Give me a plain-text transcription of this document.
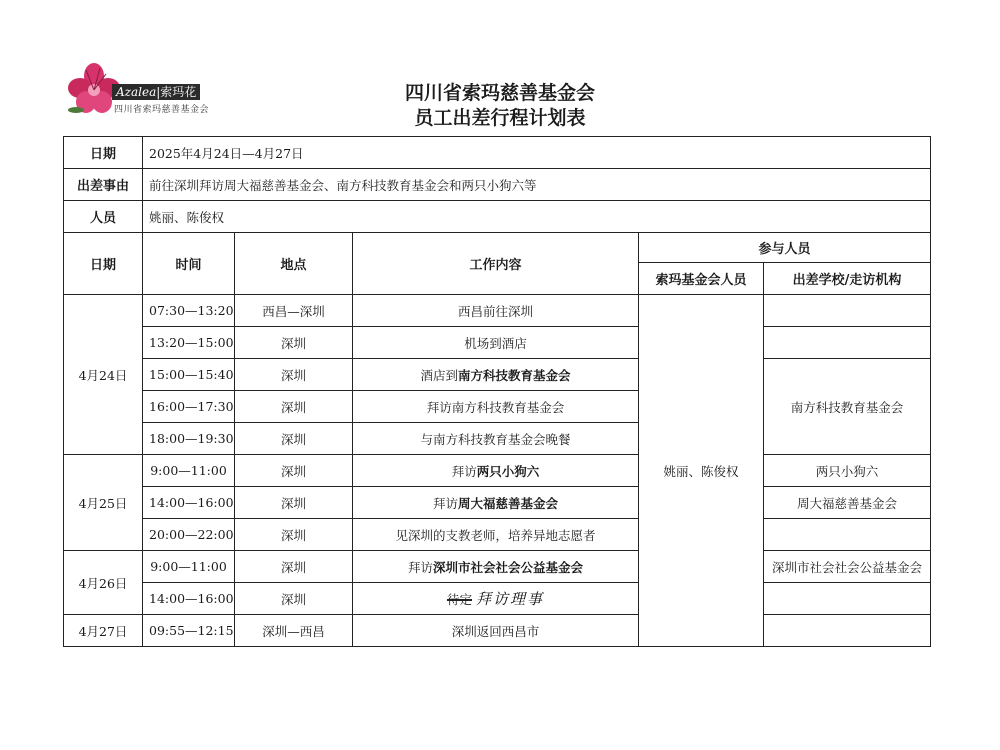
Azalea|索玛花
四川省索玛慈善基金会
四川省索玛慈善基金会
员工出差行程计划表
日期	2025年4月24日—4月27日				
出差事由	前往深圳拜访周大福慈善基金会、南方科技教育基金会和两只小狗六等				
人员	姚丽、陈俊权				
日期	时间	地点	工作内容	参与人员	
				索玛基金会人员	出差学校/走访机构
4月24日	07:30—13:20	西昌—深圳	西昌前往深圳	姚丽、陈俊权	
	13:20—15:00	深圳	机场到酒店		
	15:00—15:40	深圳	酒店到南方科技教育基金会		南方科技教育基金会
	16:00—17:30	深圳	拜访南方科技教育基金会		
	18:00—19:30	深圳	与南方科技教育基金会晚餐		
4月25日	9:00—11:00	深圳	拜访两只小狗六		两只小狗六
	14:00—16:00	深圳	拜访周大福慈善基金会		周大福慈善基金会
	20:00—22:00	深圳	见深圳的支教老师，培养异地志愿者		
4月26日	9:00—11:00	深圳	拜访深圳市社会社会公益基金会		深圳市社会社会公益基金会
	14:00—16:00	深圳	待定 拜访理事		
4月27日	09:55—12:15	深圳—西昌	深圳返回西昌市		
